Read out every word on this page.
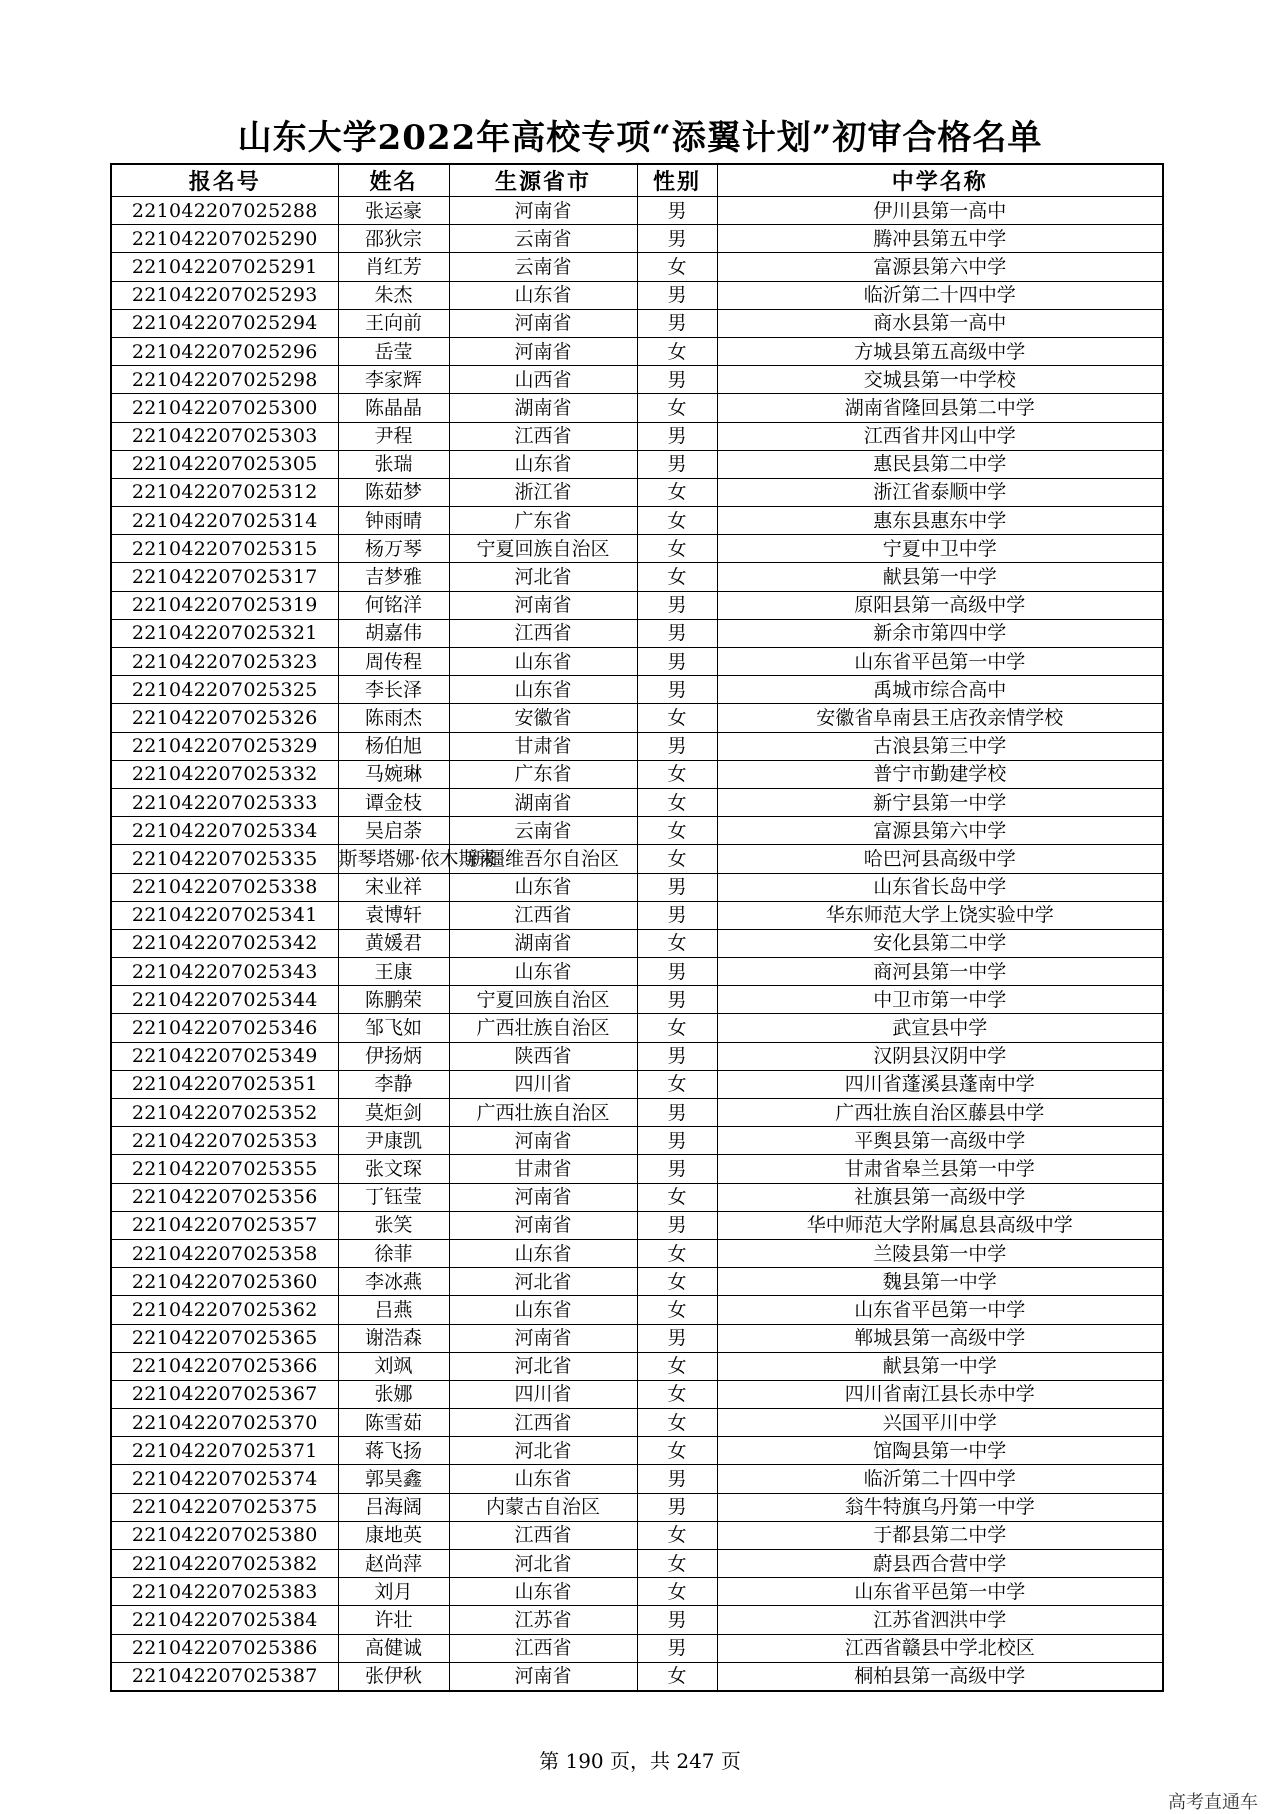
山东大学2022年高校专项“添翼计划”初审合格名单
报名号	姓名	生源省市	性别	中学名称
221042207025288	张运豪	河南省	男	伊川县第一高中
221042207025290	邵狄宗	云南省	男	腾冲县第五中学
221042207025291	肖红芳	云南省	女	富源县第六中学
221042207025293	朱杰	山东省	男	临沂第二十四中学
221042207025294	王向前	河南省	男	商水县第一高中
221042207025296	岳莹	河南省	女	方城县第五高级中学
221042207025298	李家辉	山西省	男	交城县第一中学校
221042207025300	陈晶晶	湖南省	女	湖南省隆回县第二中学
221042207025303	尹程	江西省	男	江西省井冈山中学
221042207025305	张瑞	山东省	男	惠民县第二中学
221042207025312	陈茹梦	浙江省	女	浙江省泰顺中学
221042207025314	钟雨晴	广东省	女	惠东县惠东中学
221042207025315	杨万琴	宁夏回族自治区	女	宁夏中卫中学
221042207025317	吉梦雅	河北省	女	献县第一中学
221042207025319	何铭洋	河南省	男	原阳县第一高级中学
221042207025321	胡嘉伟	江西省	男	新余市第四中学
221042207025323	周传程	山东省	男	山东省平邑第一中学
221042207025325	李长泽	山东省	男	禹城市综合高中
221042207025326	陈雨杰	安徽省	女	安徽省阜南县王店孜亲情学校
221042207025329	杨伯旭	甘肃省	男	古浪县第三中学
221042207025332	马婉琳	广东省	女	普宁市勤建学校
221042207025333	谭金枝	湖南省	女	新宁县第一中学
221042207025334	吴启荼	云南省	女	富源县第六中学
221042207025335	斯琴塔娜·依木斯来	新疆维吾尔自治区	女	哈巴河县高级中学
221042207025338	宋业祥	山东省	男	山东省长岛中学
221042207025341	袁博轩	江西省	男	华东师范大学上饶实验中学
221042207025342	黄媛君	湖南省	女	安化县第二中学
221042207025343	王康	山东省	男	商河县第一中学
221042207025344	陈鹏荣	宁夏回族自治区	男	中卫市第一中学
221042207025346	邹飞如	广西壮族自治区	女	武宣县中学
221042207025349	伊扬炳	陕西省	男	汉阴县汉阴中学
221042207025351	李静	四川省	女	四川省蓬溪县蓬南中学
221042207025352	莫炬剑	广西壮族自治区	男	广西壮族自治区藤县中学
221042207025353	尹康凯	河南省	男	平舆县第一高级中学
221042207025355	张文琛	甘肃省	男	甘肃省皋兰县第一中学
221042207025356	丁钰莹	河南省	女	社旗县第一高级中学
221042207025357	张笑	河南省	男	华中师范大学附属息县高级中学
221042207025358	徐菲	山东省	女	兰陵县第一中学
221042207025360	李冰燕	河北省	女	魏县第一中学
221042207025362	吕燕	山东省	女	山东省平邑第一中学
221042207025365	谢浩森	河南省	男	郸城县第一高级中学
221042207025366	刘飒	河北省	女	献县第一中学
221042207025367	张娜	四川省	女	四川省南江县长赤中学
221042207025370	陈雪茹	江西省	女	兴国平川中学
221042207025371	蒋飞扬	河北省	女	馆陶县第一中学
221042207025374	郭昊鑫	山东省	男	临沂第二十四中学
221042207025375	吕海阔	内蒙古自治区	男	翁牛特旗乌丹第一中学
221042207025380	康地英	江西省	女	于都县第二中学
221042207025382	赵尚萍	河北省	女	蔚县西合营中学
221042207025383	刘月	山东省	女	山东省平邑第一中学
221042207025384	许壮	江苏省	男	江苏省泗洪中学
221042207025386	高健诚	江西省	男	江西省赣县中学北校区
221042207025387	张伊秋	河南省	女	桐柏县第一高级中学
第 190 页，共 247 页
高考直通车
